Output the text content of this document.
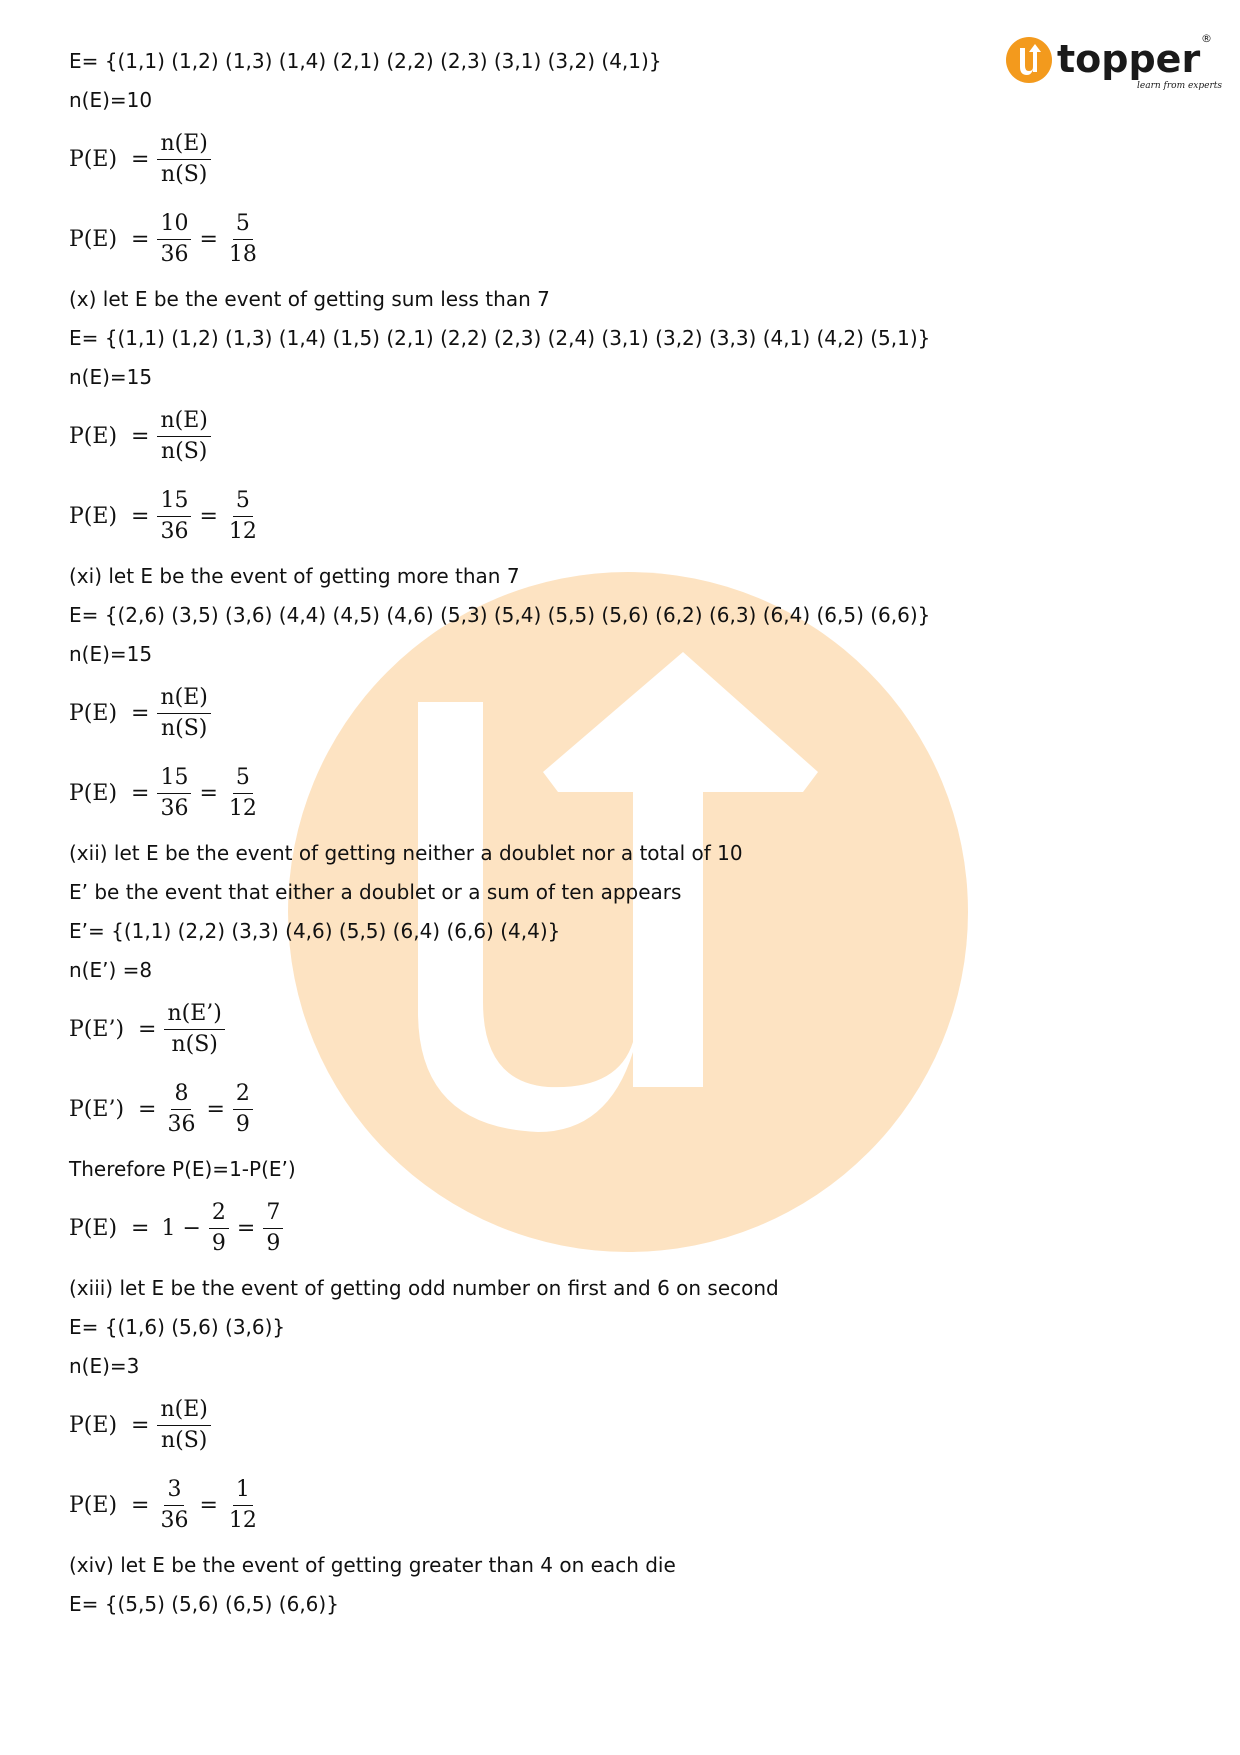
topper ®
learn from experts
E= {(1,1) (1,2) (1,3) (1,4) (2,1) (2,2) (2,3) (3,1) (3,2) (4,1)}
n(E)=10
$P(E) = \frac{n(E)}{n(S)}$
$P(E) = \frac{10}{36} = \frac{5}{18}$
(x) let E be the event of getting sum less than 7
E= {(1,1) (1,2) (1,3) (1,4) (1,5) (2,1) (2,2) (2,3) (2,4) (3,1) (3,2) (3,3) (4,1) (4,2) (5,1)}
n(E)=15
$P(E) = \frac{n(E)}{n(S)}$
$P(E) = \frac{15}{36} = \frac{5}{12}$
(xi) let E be the event of getting more than 7
E= {(2,6) (3,5) (3,6) (4,4) (4,5) (4,6) (5,3) (5,4) (5,5) (5,6) (6,2) (6,3) (6,4) (6,5) (6,6)}
n(E)=15
$P(E) = \frac{n(E)}{n(S)}$
$P(E) = \frac{15}{36} = \frac{5}{12}$
(xii) let E be the event of getting neither a doublet nor a total of 10
E’ be the event that either a doublet or a sum of ten appears
E’= {(1,1) (2,2) (3,3) (4,6) (5,5) (6,4) (6,6) (4,4)}
n(E’) =8
P(E’) = $\frac{n(E’)}{n(S)}$
P(E’) = $\frac{8}{36} = \frac{2}{9}$
Therefore P(E)=1-P(E’)
$P(E) = 1 - \frac{2}{9} = \frac{7}{9}$
(xiii) let E be the event of getting odd number on first and 6 on second
E= {(1,6) (5,6) (3,6)}
n(E)=3
$P(E) = \frac{n(E)}{n(S)}$
$P(E) = \frac{3}{36} = \frac{1}{12}$
(xiv) let E be the event of getting greater than 4 on each die
E= {(5,5) (5,6) (6,5) (6,6)}
